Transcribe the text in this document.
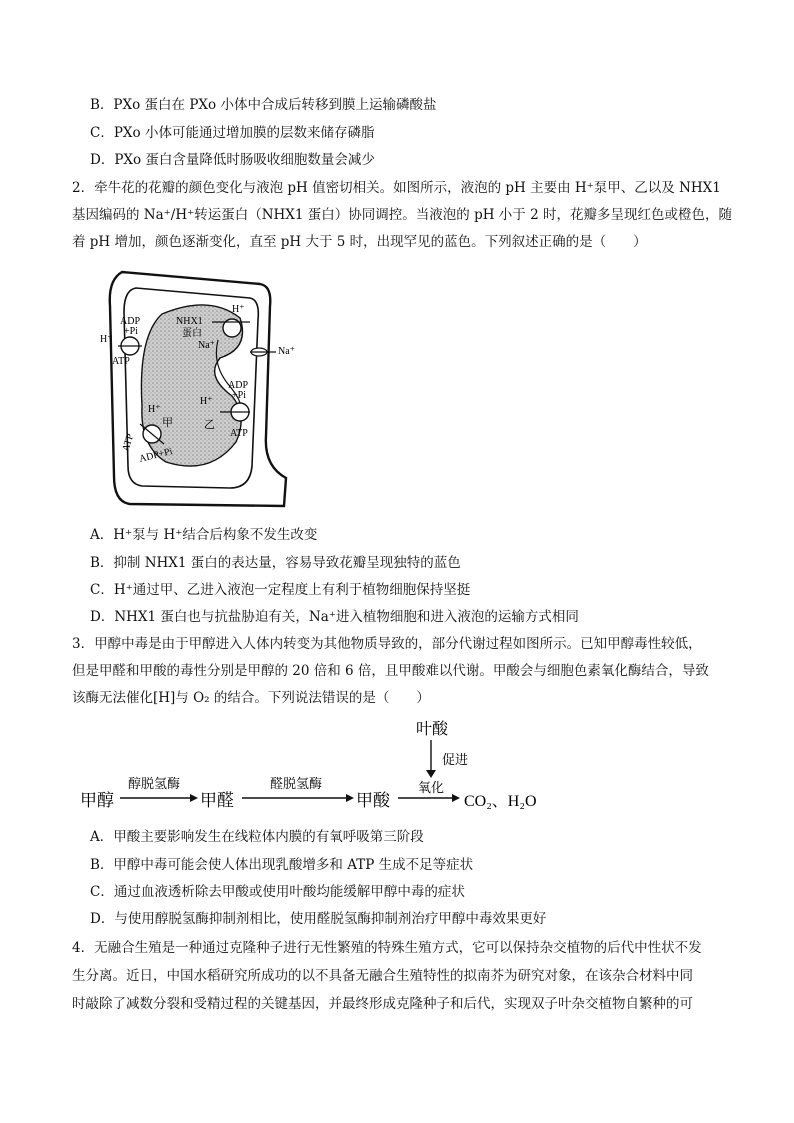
B．PXo 蛋白在 PXo 小体中合成后转移到膜上运输磷酸盐
C．PXo 小体可能通过增加膜的层数来储存磷脂
D．PXo 蛋白含量降低时肠吸收细胞数量会减少
2．牵牛花的花瓣的颜色变化与液泡 pH 值密切相关。如图所示，液泡的 pH 主要由 H⁺泵甲、乙以及 NHX1
基因编码的 Na⁺/H⁺转运蛋白（NHX1 蛋白）协同调控。当液泡的 pH 小于 2 时，花瓣多呈现红色或橙色，随
着 pH 增加，颜色逐渐变化，直至 pH 大于 5 时，出现罕见的蓝色。下列叙述正确的是（　　）
H⁺
ADP
+Pi
ATP
NHX1
蛋白
Na⁺
H⁺
Na⁺
ADP
+Pi
H⁺
乙
ATP
H⁺
甲
ATP
ADP+Pi
A．H⁺泵与 H⁺结合后构象不发生改变
B．抑制 NHX1 蛋白的表达量，容易导致花瓣呈现独特的蓝色
C．H⁺通过甲、乙进入液泡一定程度上有利于植物细胞保持坚挺
D．NHX1 蛋白也与抗盐胁迫有关，Na⁺进入植物细胞和进入液泡的运输方式相同
3．甲醇中毒是由于甲醇进入人体内转变为其他物质导致的，部分代谢过程如图所示。已知甲醇毒性较低，
但是甲醛和甲酸的毒性分别是甲醇的 20 倍和 6 倍，且甲酸难以代谢。甲酸会与细胞色素氧化酶结合，导致
该酶无法催化[H]与 O₂ 的结合。下列说法错误的是（　　）
叶酸
促进
甲醇
醇脱氢酶
甲醛
醛脱氢酶
甲酸
氧化
CO₂、H₂O
A．甲酸主要影响发生在线粒体内膜的有氧呼吸第三阶段
B．甲醇中毒可能会使人体出现乳酸增多和 ATP 生成不足等症状
C．通过血液透析除去甲酸或使用叶酸均能缓解甲醇中毒的症状
D．与使用醇脱氢酶抑制剂相比，使用醛脱氢酶抑制剂治疗甲醇中毒效果更好
4．无融合生殖是一种通过克隆种子进行无性繁殖的特殊生殖方式，它可以保持杂交植物的后代中性状不发
生分离。近日，中国水稻研究所成功的以不具备无融合生殖特性的拟南芥为研究对象，在该杂合材料中同
时敲除了减数分裂和受精过程的关键基因，并最终形成克隆种子和后代，实现双子叶杂交植物自繁种的可
